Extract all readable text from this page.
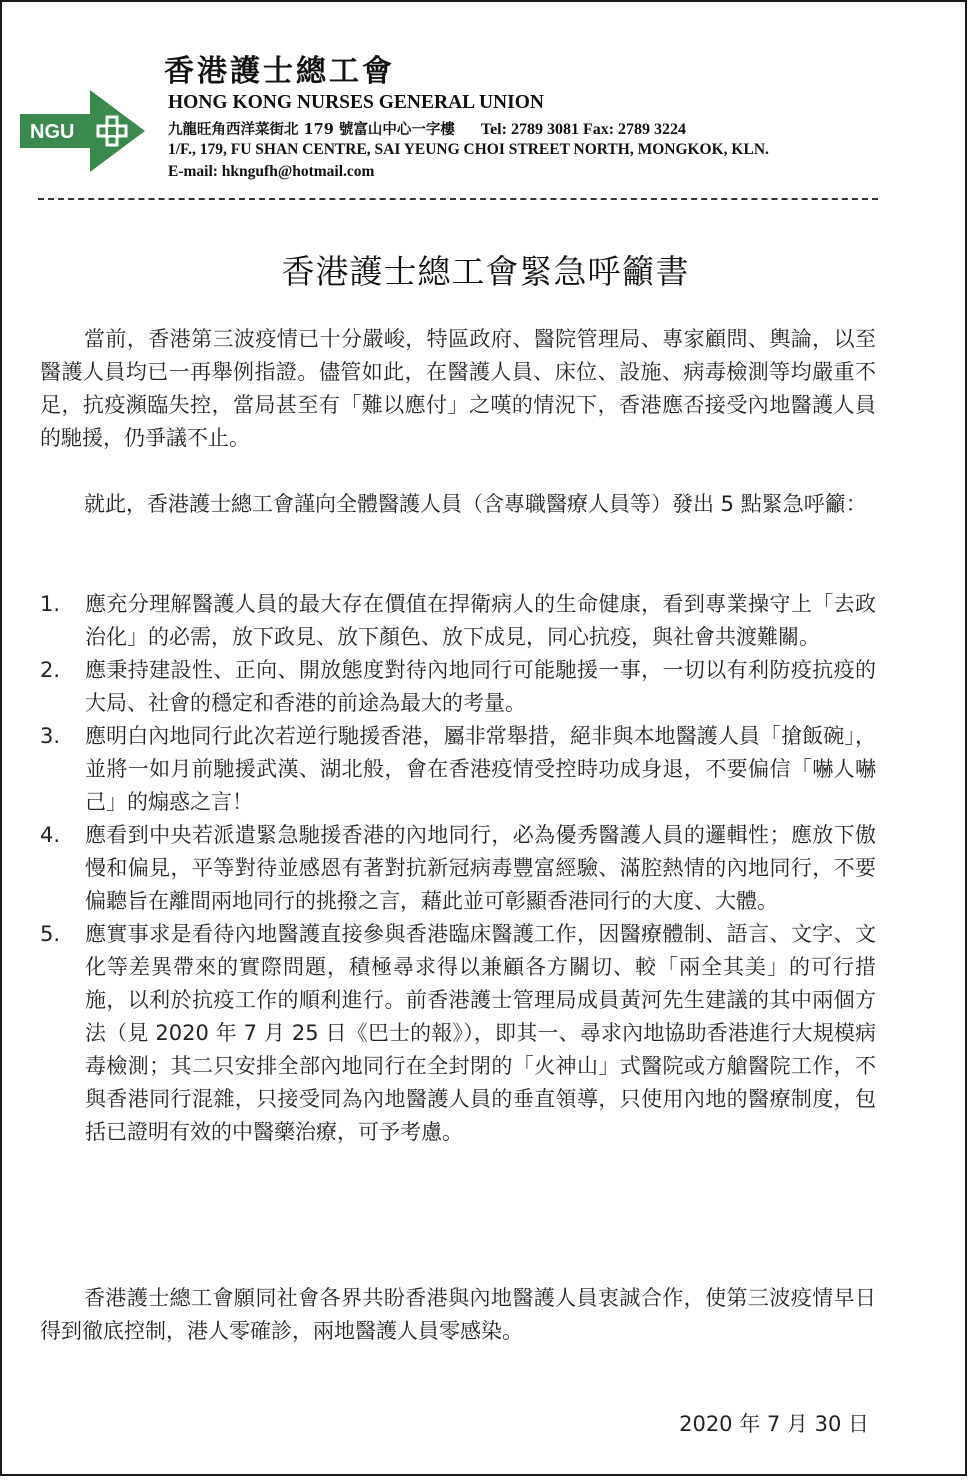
NGU
香港護士總工會
HONG KONG NURSES GENERAL UNION
九龍旺角西洋菜街北 179 號富山中心一字樓 Tel: 2789 3081 Fax: 2789 3224
1/F., 179, FU SHAN CENTRE, SAI YEUNG CHOI STREET NORTH, MONGKOK, KLN.
E-mail: hkngufh@hotmail.com
香港護士總工會緊急呼籲書

當前，香港第三波疫情已十分嚴峻，特區政府、醫院管理局、專家顧問、輿論，以至醫護人員均已一再舉例指證。儘管如此，在醫護人員、床位、設施、病毒檢測等均嚴重不足，抗疫瀕臨失控，當局甚至有「難以應付」之嘆的情況下，香港應否接受內地醫護人員的馳援，仍爭議不止。

就此，香港護士總工會謹向全體醫護人員（含專職醫療人員等）發出 5 點緊急呼籲：

1. 應充分理解醫護人員的最大存在價值在捍衛病人的生命健康，看到專業操守上「去政治化」的必需，放下政見、放下顏色、放下成見，同心抗疫，與社會共渡難關。
2. 應秉持建設性、正向、開放態度對待內地同行可能馳援一事，一切以有利防疫抗疫的大局、社會的穩定和香港的前途為最大的考量。
3. 應明白內地同行此次若逆行馳援香港，屬非常舉措，絕非與本地醫護人員「搶飯碗」，並將一如月前馳援武漢、湖北般，會在香港疫情受控時功成身退，不要偏信「嚇人嚇己」的煽惑之言！
4. 應看到中央若派遣緊急馳援香港的內地同行，必為優秀醫護人員的邏輯性；應放下傲慢和偏見，平等對待並感恩有著對抗新冠病毒豐富經驗、滿腔熱情的內地同行，不要偏聽旨在離間兩地同行的挑撥之言，藉此並可彰顯香港同行的大度、大體。
5. 應實事求是看待內地醫護直接參與香港臨床醫護工作，因醫療體制、語言、文字、文化等差異帶來的實際問題，積極尋求得以兼顧各方關切、較「兩全其美」的可行措施，以利於抗疫工作的順利進行。前香港護士管理局成員黃河先生建議的其中兩個方法（見 2020 年 7 月 25 日《巴士的報》），即其一、尋求內地協助香港進行大規模病毒檢測；其二只安排全部內地同行在全封閉的「火神山」式醫院或方艙醫院工作，不與香港同行混雜，只接受同為內地醫護人員的垂直領導，只使用內地的醫療制度，包括已證明有效的中醫藥治療，可予考慮。

香港護士總工會願同社會各界共盼香港與內地醫護人員衷誠合作，使第三波疫情早日得到徹底控制，港人零確診，兩地醫護人員零感染。

2020 年 7 月 30 日
